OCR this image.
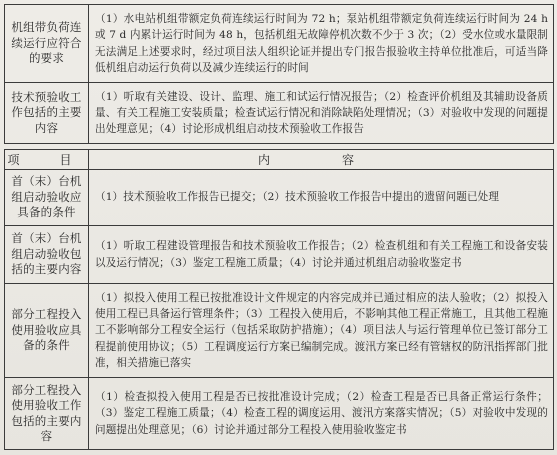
机组带负荷连续运行应符合的要求	（1）水电站机组带额定负荷连续运行时间为 72 h；泵站机组带额定负荷连续运行时间为 24 h 或 7 d 内累计运行时间为 48 h，包括机组无故障停机次数不少于 3 次；（2）受水位或水量限制无法满足上述要求时，经过项目法人组织论证并提出专门报告报验收主持单位批准后，可适当降低机组启动运行负荷以及减少连续运行的时间
技术预验收工作包括的主要内容	（1）听取有关建设、设计、监理、施工和试运行情况报告；（2）检查评价机组及其辅助设备质量、有关工程施工安装质量；检查试运行情况和消除缺陷处理情况；（3）对验收中发现的问题提出处理意见；（4）讨论形成机组启动技术预验收工作报告
项　目	内　容
首（末）台机组启动验收应具备的条件	（1）技术预验收工作报告已提交；（2）技术预验收工作报告中提出的遗留问题已处理
首（末）台机组启动验收包括的主要内容	（1）听取工程建设管理报告和技术预验收工作报告；（2）检查机组和有关工程施工和设备安装以及运行情况；（3）鉴定工程施工质量；（4）讨论并通过机组启动验收鉴定书
部分工程投入使用验收应具备的条件	（1）拟投入使用工程已按批准设计文件规定的内容完成并已通过相应的法人验收；（2）拟投入使用工程已具备运行管理条件；（3）工程投入使用后，不影响其他工程正常施工，且其他工程施工不影响部分工程安全运行（包括采取防护措施）；（4）项目法人与运行管理单位已签订部分工程提前使用协议；（5）工程调度运行方案已编制完成。渡汛方案已经有管辖权的防汛指挥部门批准，相关措施已落实
部分工程投入使用验收工作包括的主要内容	（1）检查拟投入使用工程是否已按批准设计完成；（2）检查工程是否已具备正常运行条件；（3）鉴定工程施工质量；（4）检查工程的调度运用、渡汛方案落实情况；（5）对验收中发现的问题提出处理意见；（6）讨论并通过部分工程投入使用验收鉴定书
